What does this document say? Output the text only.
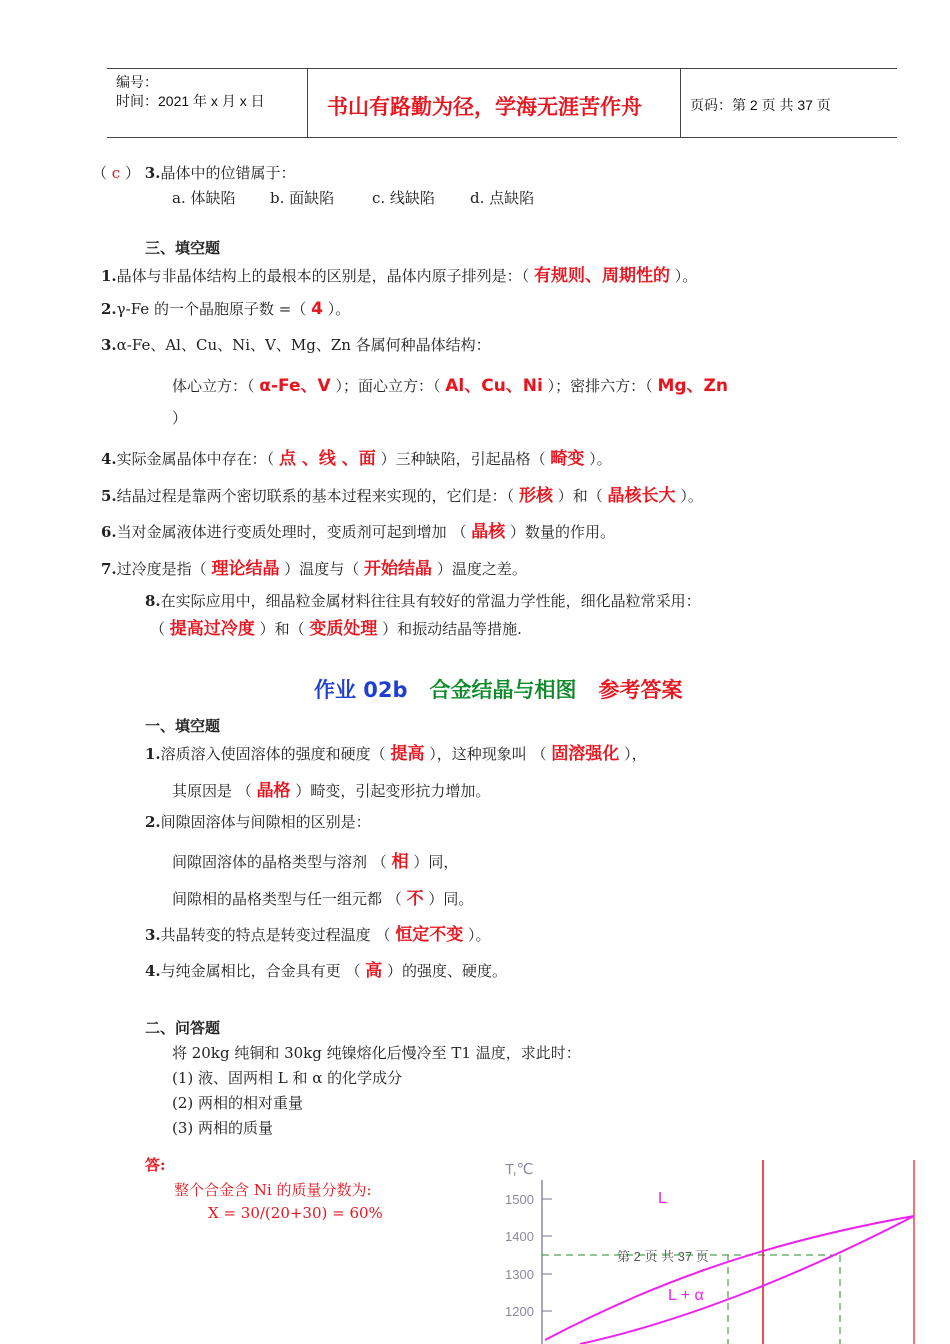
编号：
时间：2021 年 x 月 x 日	书山有路勤为径，学海无涯苦作舟	页码：第 2 页 共 37 页
（ c ） 3.晶体中的位错属于：
a. 体缺陷 b. 面缺陷	c. 线缺陷 d. 点缺陷
三、填空题
1.晶体与非晶体结构上的最根本的区别是，晶体内原子排列是：（ 有规则、周期性的 ）。
2.γ-Fe 的一个晶胞原子数 =（ 4 ）。
3.α-Fe、Al、Cu、Ni、V、Mg、Zn 各属何种晶体结构：
体心立方：（ α-Fe、V ）；面心立方：（ Al、Cu、Ni ）；密排六方：（ Mg、Zn
）
4.实际金属晶体中存在：（ 点 、线 、面 ）三种缺陷，引起晶格（ 畸变 ）。
5.结晶过程是靠两个密切联系的基本过程来实现的，它们是：（ 形核 ）和（ 晶核长大 ）。
6.当对金属液体进行变质处理时，变质剂可起到增加 （ 晶核 ）数量的作用。
7.过冷度是指（ 理论结晶 ）温度与（ 开始结晶 ）温度之差。
8.在实际应用中，细晶粒金属材料往往具有较好的常温力学性能，细化晶粒常采用：
（ 提高过冷度 ）和（ 变质处理 ）和振动结晶等措施.
作业 02b 合金结晶与相图 参考答案
一、填空题
1.溶质溶入使固溶体的强度和硬度（ 提高 ），这种现象叫 （ 固溶强化 ），
其原因是 （ 晶格 ）畸变，引起变形抗力增加。
2.间隙固溶体与间隙相的区别是：
间隙固溶体的晶格类型与溶剂 （ 相 ）同，
间隙相的晶格类型与任一组元都 （ 不 ）同。
3.共晶转变的特点是转变过程温度 （ 恒定不变 ）。
4.与纯金属相比，合金具有更 （ 高 ）的强度、硬度。
二、问答题
将 20kg 纯铜和 30kg 纯镍熔化后慢冷至 T1 温度，求此时：
(1) 液、固两相 L 和 α 的化学成分
(2) 两相的相对重量
(3) 两相的质量
答:
整个合金含 Ni 的质量分数为:
X = 30/(20+30) = 60%
T,℃
1500
1400
1300
1200
L
L + α
第 2 页 共 37 页
